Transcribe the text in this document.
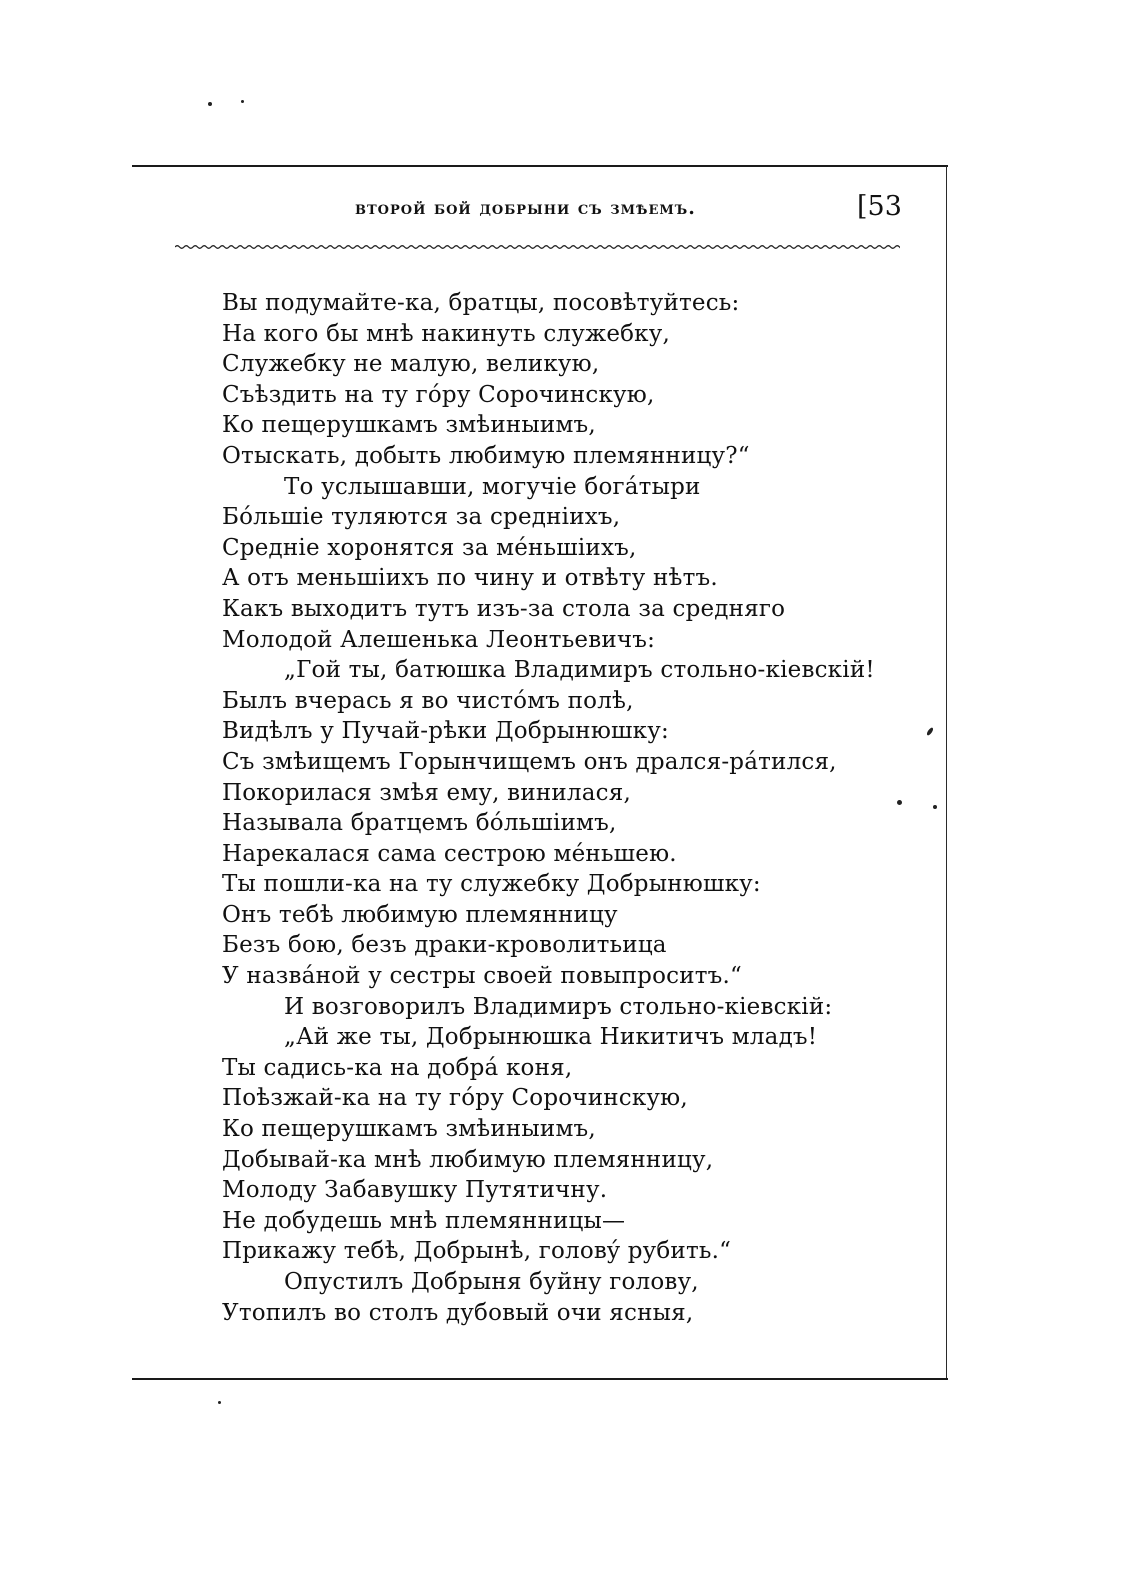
второй бой добрыни съ змѣемъ.	[53
Вы подумайте-ка, братцы, посовѣтуйтесь:
На кого бы мнѣ накинуть служебку,
Служебку не малую, великую,
Съѣздить на ту гóру Сорочинскую,
Ко пещерушкамъ змѣиныимъ,
Отыскать, добыть любимую племянницу?“
То услышавши, могучіе богáтыри
Бóльшіе туляются за средніихъ,
Средніе хоронятся за мéньшіихъ,
А отъ меньшіихъ по чину и отвѣту нѣтъ.
Какъ выходитъ тутъ изъ-за стола за средняго
Молодой Алешенька Леонтьевичъ:
„Гой ты, батюшка Владимиръ стольно-кіевскій!
Былъ вчерась я во чистóмъ полѣ,
Видѣлъ у Пучай-рѣки Добрынюшку:
Съ змѣищемъ Горынчищемъ онъ дрался-рáтился,
Покорилася змѣя ему, винилася,
Называла братцемъ бóльшіимъ,
Нарекалася сама сестрою мéньшею.
Ты пошли-ка на ту служебку Добрынюшку:
Онъ тебѣ любимую племянницу
Безъ бою, безъ драки-кроволитьица
У назвáной у сестры своей повыпроситъ.“
И возговорилъ Владимиръ стольно-кіевскій:
„Ай же ты, Добрынюшка Никитичъ младъ!
Ты садись-ка на добрá коня,
Поѣзжай-ка на ту гóру Сорочинскую,
Ко пещерушкамъ змѣиныимъ,
Добывай-ка мнѣ любимую племянницу,
Молоду Забавушку Путятичну.
Не добудешь мнѣ племянницы—
Прикажу тебѣ, Добрынѣ, головý рубить.“
Опустилъ Добрыня буйну голову,
Утопилъ во столъ дубовый очи ясныя,
